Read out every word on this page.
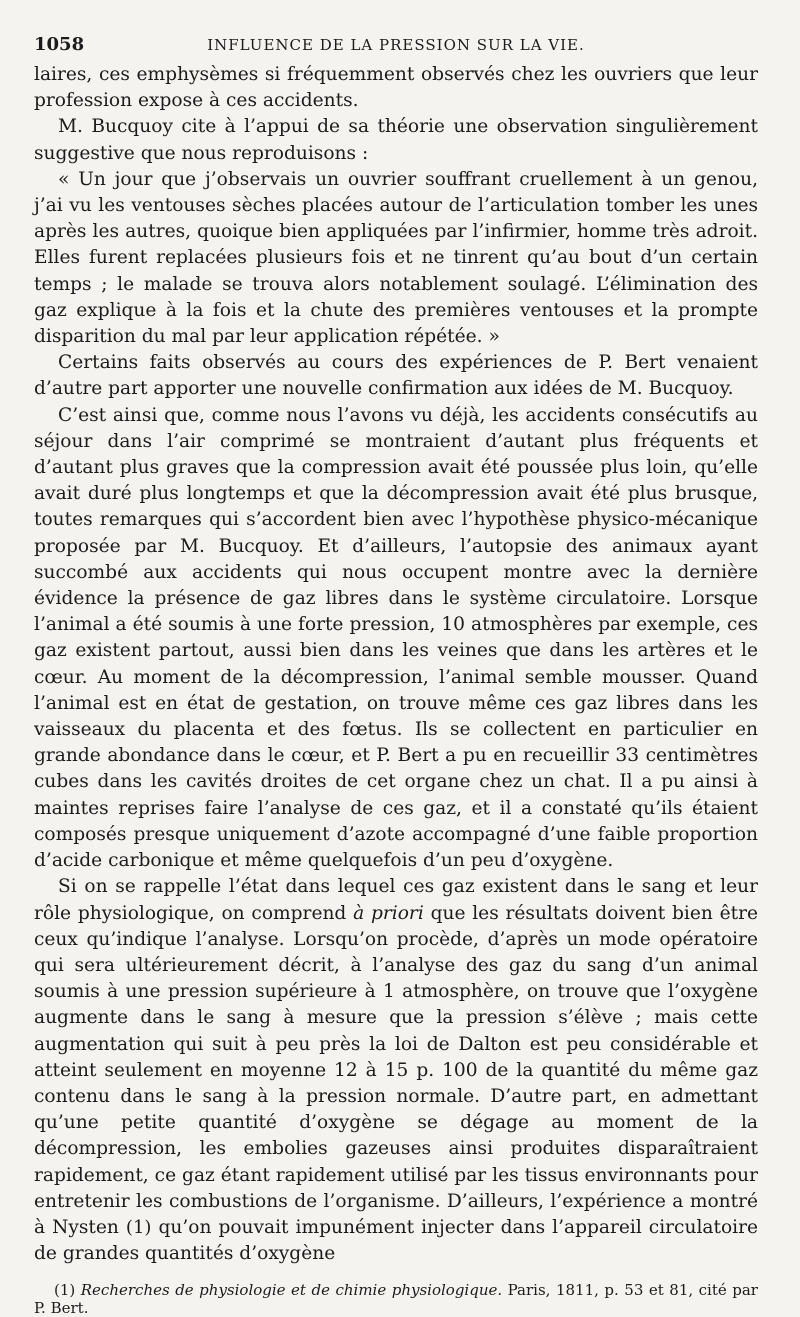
1058	INFLUENCE DE LA PRESSION SUR LA VIE.

laires, ces emphysèmes si fréquemment observés chez les ouvriers que leur profession expose à ces accidents.

M. Bucquoy cite à l’appui de sa théorie une observation singulièrement suggestive que nous reproduisons :

« Un jour que j’observais un ouvrier souffrant cruellement à un genou, j’ai vu les ventouses sèches placées autour de l’articulation tomber les unes après les autres, quoique bien appliquées par l’infirmier, homme très adroit. Elles furent replacées plusieurs fois et ne tinrent qu’au bout d’un certain temps ; le malade se trouva alors notablement soulagé. L’élimination des gaz explique à la fois et la chute des premières ventouses et la prompte disparition du mal par leur application répétée. »

Certains faits observés au cours des expériences de P. Bert venaient d’autre part apporter une nouvelle confirmation aux idées de M. Bucquoy.

C’est ainsi que, comme nous l’avons vu déjà, les accidents consécutifs au séjour dans l’air comprimé se montraient d’autant plus fréquents et d’autant plus graves que la compression avait été poussée plus loin, qu’elle avait duré plus longtemps et que la décompression avait été plus brusque, toutes remarques qui s’accordent bien avec l’hypothèse physico-mécanique proposée par M. Bucquoy. Et d’ailleurs, l’autopsie des animaux ayant succombé aux accidents qui nous occupent montre avec la dernière évidence la présence de gaz libres dans le système circulatoire. Lorsque l’animal a été soumis à une forte pression, 10 atmosphères par exemple, ces gaz existent partout, aussi bien dans les veines que dans les artères et le cœur. Au moment de la décompression, l’animal semble mousser. Quand l’animal est en état de gestation, on trouve même ces gaz libres dans les vaisseaux du placenta et des fœtus. Ils se collectent en particulier en grande abondance dans le cœur, et P. Bert a pu en recueillir 33 centimètres cubes dans les cavités droites de cet organe chez un chat. Il a pu ainsi à maintes reprises faire l’analyse de ces gaz, et il a constaté qu’ils étaient composés presque uniquement d’azote accompagné d’une faible proportion d’acide carbonique et même quelquefois d’un peu d’oxygène.

Si on se rappelle l’état dans lequel ces gaz existent dans le sang et leur rôle physiologique, on comprend à priori que les résultats doivent bien être ceux qu’indique l’analyse. Lorsqu’on procède, d’après un mode opératoire qui sera ultérieurement décrit, à l’analyse des gaz du sang d’un animal soumis à une pression supérieure à 1 atmosphère, on trouve que l’oxygène augmente dans le sang à mesure que la pression s’élève ; mais cette augmentation qui suit à peu près la loi de Dalton est peu considérable et atteint seulement en moyenne 12 à 15 p. 100 de la quantité du même gaz contenu dans le sang à la pression normale. D’autre part, en admettant qu’une petite quantité d’oxygène se dégage au moment de la décompression, les embolies gazeuses ainsi produites disparaîtraient rapidement, ce gaz étant rapidement utilisé par les tissus environnants pour entretenir les combustions de l’organisme. D’ailleurs, l’expérience a montré à Nysten (1) qu’on pouvait impunément injecter dans l’appareil circulatoire de grandes quantités d’oxygène

(1) Recherches de physiologie et de chimie physiologique. Paris, 1811, p. 53 et 81, cité par P. Bert.
